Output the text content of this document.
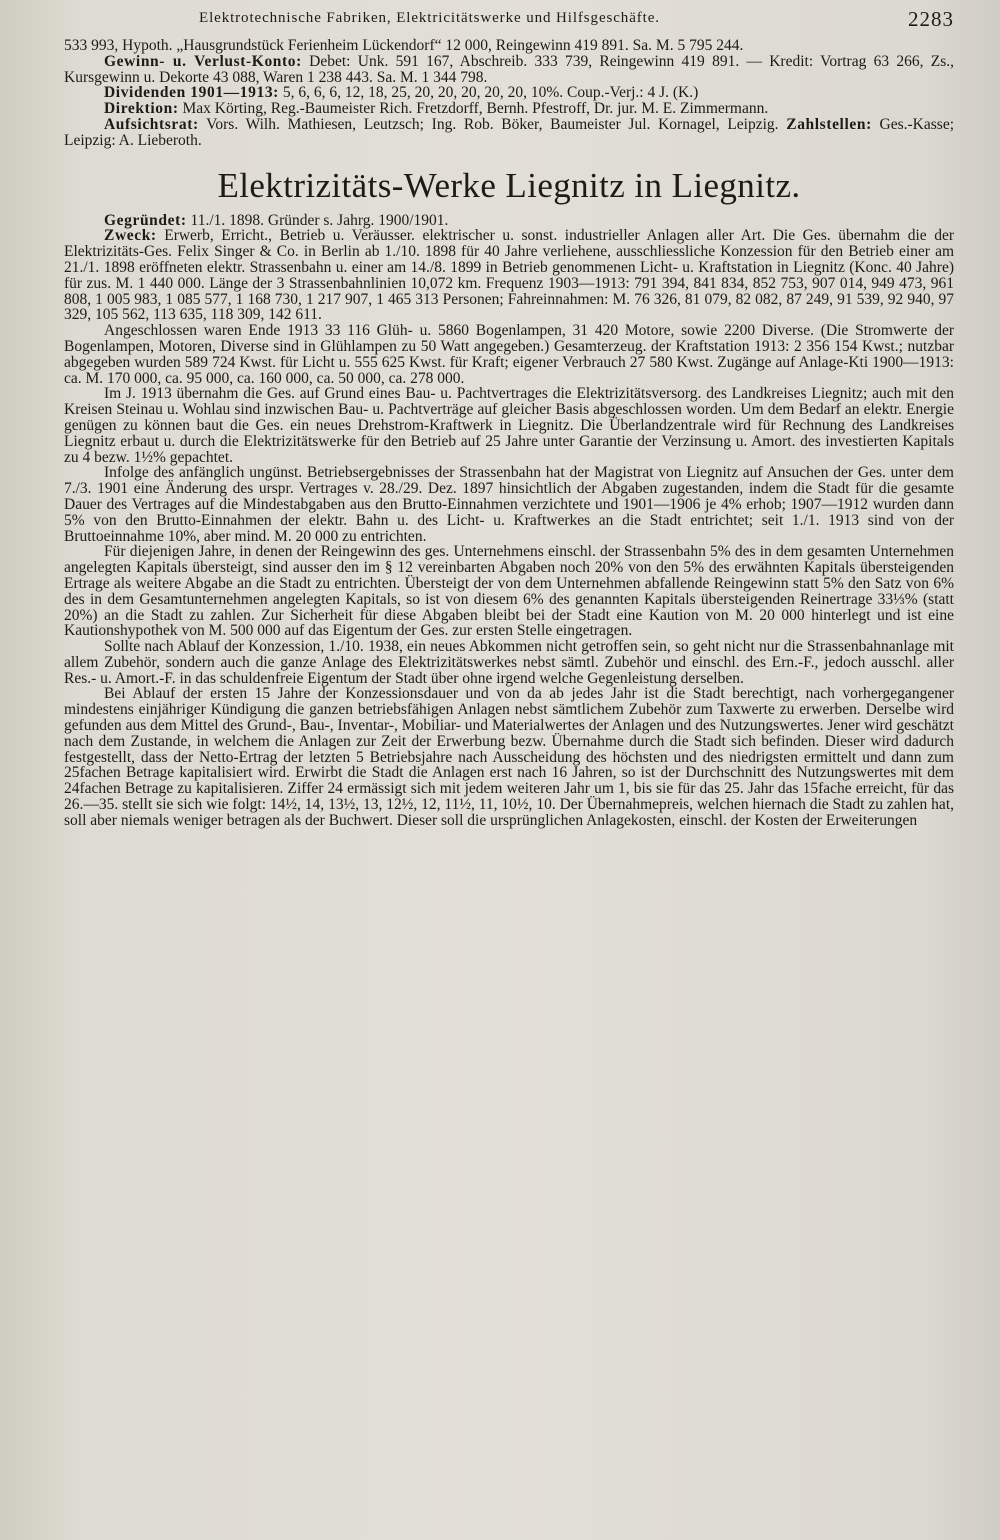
Elektrotechnische Fabriken, Elektricitätswerke und Hilfsgeschäfte.	2283

533 993, Hypoth. „Hausgrundstück Ferienheim Lückendorf“ 12 000, Reingewinn 419 891. Sa. M. 5 795 244.

Gewinn- u. Verlust-Konto: Debet: Unk. 591 167, Abschreib. 333 739, Reingewinn 419 891. — Kredit: Vortrag 63 266, Zs., Kursgewinn u. Dekorte 43 088, Waren 1 238 443. Sa. M. 1 344 798.

Dividenden 1901—1913: 5, 6, 6, 6, 12, 18, 25, 20, 20, 20, 20, 20, 10%. Coup.-Verj.: 4 J. (K.)

Direktion: Max Körting, Reg.-Baumeister Rich. Fretzdorff, Bernh. Pfestroff, Dr. jur. M. E. Zimmermann.

Aufsichtsrat: Vors. Wilh. Mathiesen, Leutzsch; Ing. Rob. Böker, Baumeister Jul. Kornagel, Leipzig. Zahlstellen: Ges.-Kasse; Leipzig: A. Lieberoth.

Elektrizitäts-Werke Liegnitz in Liegnitz.

Gegründet: 11./1. 1898. Gründer s. Jahrg. 1900/1901.

Zweck: Erwerb, Erricht., Betrieb u. Veräusser. elektrischer u. sonst. industrieller Anlagen aller Art. Die Ges. übernahm die der Elektrizitäts-Ges. Felix Singer & Co. in Berlin ab 1./10. 1898 für 40 Jahre verliehene, ausschliessliche Konzession für den Betrieb einer am 21./1. 1898 eröffneten elektr. Strassenbahn u. einer am 14./8. 1899 in Betrieb genommenen Licht- u. Kraftstation in Liegnitz (Konc. 40 Jahre) für zus. M. 1 440 000. Länge der 3 Strassenbahnlinien 10,072 km. Frequenz 1903—1913: 791 394, 841 834, 852 753, 907 014, 949 473, 961 808, 1 005 983, 1 085 577, 1 168 730, 1 217 907, 1 465 313 Personen; Fahreinnahmen: M. 76 326, 81 079, 82 082, 87 249, 91 539, 92 940, 97 329, 105 562, 113 635, 118 309, 142 611.

Angeschlossen waren Ende 1913 33 116 Glüh- u. 5860 Bogenlampen, 31 420 Motore, sowie 2200 Diverse. (Die Stromwerte der Bogenlampen, Motoren, Diverse sind in Glühlampen zu 50 Watt angegeben.) Gesamterzeug. der Kraftstation 1913: 2 356 154 Kwst.; nutzbar abgegeben wurden 589 724 Kwst. für Licht u. 555 625 Kwst. für Kraft; eigener Verbrauch 27 580 Kwst. Zugänge auf Anlage-Kti 1900—1913: ca. M. 170 000, ca. 95 000, ca. 160 000, ca. 50 000, ca. 278 000.

Im J. 1913 übernahm die Ges. auf Grund eines Bau- u. Pachtvertrages die Elektrizitätsversorg. des Landkreises Liegnitz; auch mit den Kreisen Steinau u. Wohlau sind inzwischen Bau- u. Pachtverträge auf gleicher Basis abgeschlossen worden. Um dem Bedarf an elektr. Energie genügen zu können baut die Ges. ein neues Drehstrom-Kraftwerk in Liegnitz. Die Überlandzentrale wird für Rechnung des Landkreises Liegnitz erbaut u. durch die Elektrizitätswerke für den Betrieb auf 25 Jahre unter Garantie der Verzinsung u. Amort. des investierten Kapitals zu 4 bezw. 1½% gepachtet.

Infolge des anfänglich ungünst. Betriebsergebnisses der Strassenbahn hat der Magistrat von Liegnitz auf Ansuchen der Ges. unter dem 7./3. 1901 eine Änderung des urspr. Vertrages v. 28./29. Dez. 1897 hinsichtlich der Abgaben zugestanden, indem die Stadt für die gesamte Dauer des Vertrages auf die Mindestabgaben aus den Brutto-Einnahmen verzichtete und 1901—1906 je 4% erhob; 1907—1912 wurden dann 5% von den Brutto-Einnahmen der elektr. Bahn u. des Licht- u. Kraftwerkes an die Stadt entrichtet; seit 1./1. 1913 sind von der Bruttoeinnahme 10%, aber mind. M. 20 000 zu entrichten.

Für diejenigen Jahre, in denen der Reingewinn des ges. Unternehmens einschl. der Strassenbahn 5% des in dem gesamten Unternehmen angelegten Kapitals übersteigt, sind ausser den im § 12 vereinbarten Abgaben noch 20% von den 5% des erwähnten Kapitals übersteigenden Ertrage als weitere Abgabe an die Stadt zu entrichten. Übersteigt der von dem Unternehmen abfallende Reingewinn statt 5% den Satz von 6% des in dem Gesamtunternehmen angelegten Kapitals, so ist von diesem 6% des genannten Kapitals übersteigenden Reinertrage 33⅓% (statt 20%) an die Stadt zu zahlen. Zur Sicherheit für diese Abgaben bleibt bei der Stadt eine Kaution von M. 20 000 hinterlegt und ist eine Kautionshypothek von M. 500 000 auf das Eigentum der Ges. zur ersten Stelle eingetragen.

Sollte nach Ablauf der Konzession, 1./10. 1938, ein neues Abkommen nicht getroffen sein, so geht nicht nur die Strassenbahnanlage mit allem Zubehör, sondern auch die ganze Anlage des Elektrizitätswerkes nebst sämtl. Zubehör und einschl. des Ern.-F., jedoch ausschl. aller Res.- u. Amort.-F. in das schuldenfreie Eigentum der Stadt über ohne irgend welche Gegenleistung derselben.

Bei Ablauf der ersten 15 Jahre der Konzessionsdauer und von da ab jedes Jahr ist die Stadt berechtigt, nach vorhergegangener mindestens einjähriger Kündigung die ganzen betriebsfähigen Anlagen nebst sämtlichem Zubehör zum Taxwerte zu erwerben. Derselbe wird gefunden aus dem Mittel des Grund-, Bau-, Inventar-, Mobiliar- und Materialwertes der Anlagen und des Nutzungswertes. Jener wird geschätzt nach dem Zustande, in welchem die Anlagen zur Zeit der Erwerbung bezw. Übernahme durch die Stadt sich befinden. Dieser wird dadurch festgestellt, dass der Netto-Ertrag der letzten 5 Betriebsjahre nach Ausscheidung des höchsten und des niedrigsten ermittelt und dann zum 25fachen Betrage kapitalisiert wird. Erwirbt die Stadt die Anlagen erst nach 16 Jahren, so ist der Durchschnitt des Nutzungswertes mit dem 24fachen Betrage zu kapitalisieren. Ziffer 24 ermässigt sich mit jedem weiteren Jahr um 1, bis sie für das 25. Jahr das 15fache erreicht, für das 26.—35. stellt sie sich wie folgt: 14½, 14, 13½, 13, 12½, 12, 11½, 11, 10½, 10. Der Übernahmepreis, welchen hiernach die Stadt zu zahlen hat, soll aber niemals weniger betragen als der Buchwert. Dieser soll die ursprünglichen Anlagekosten, einschl. der Kosten der Erweiterungen
